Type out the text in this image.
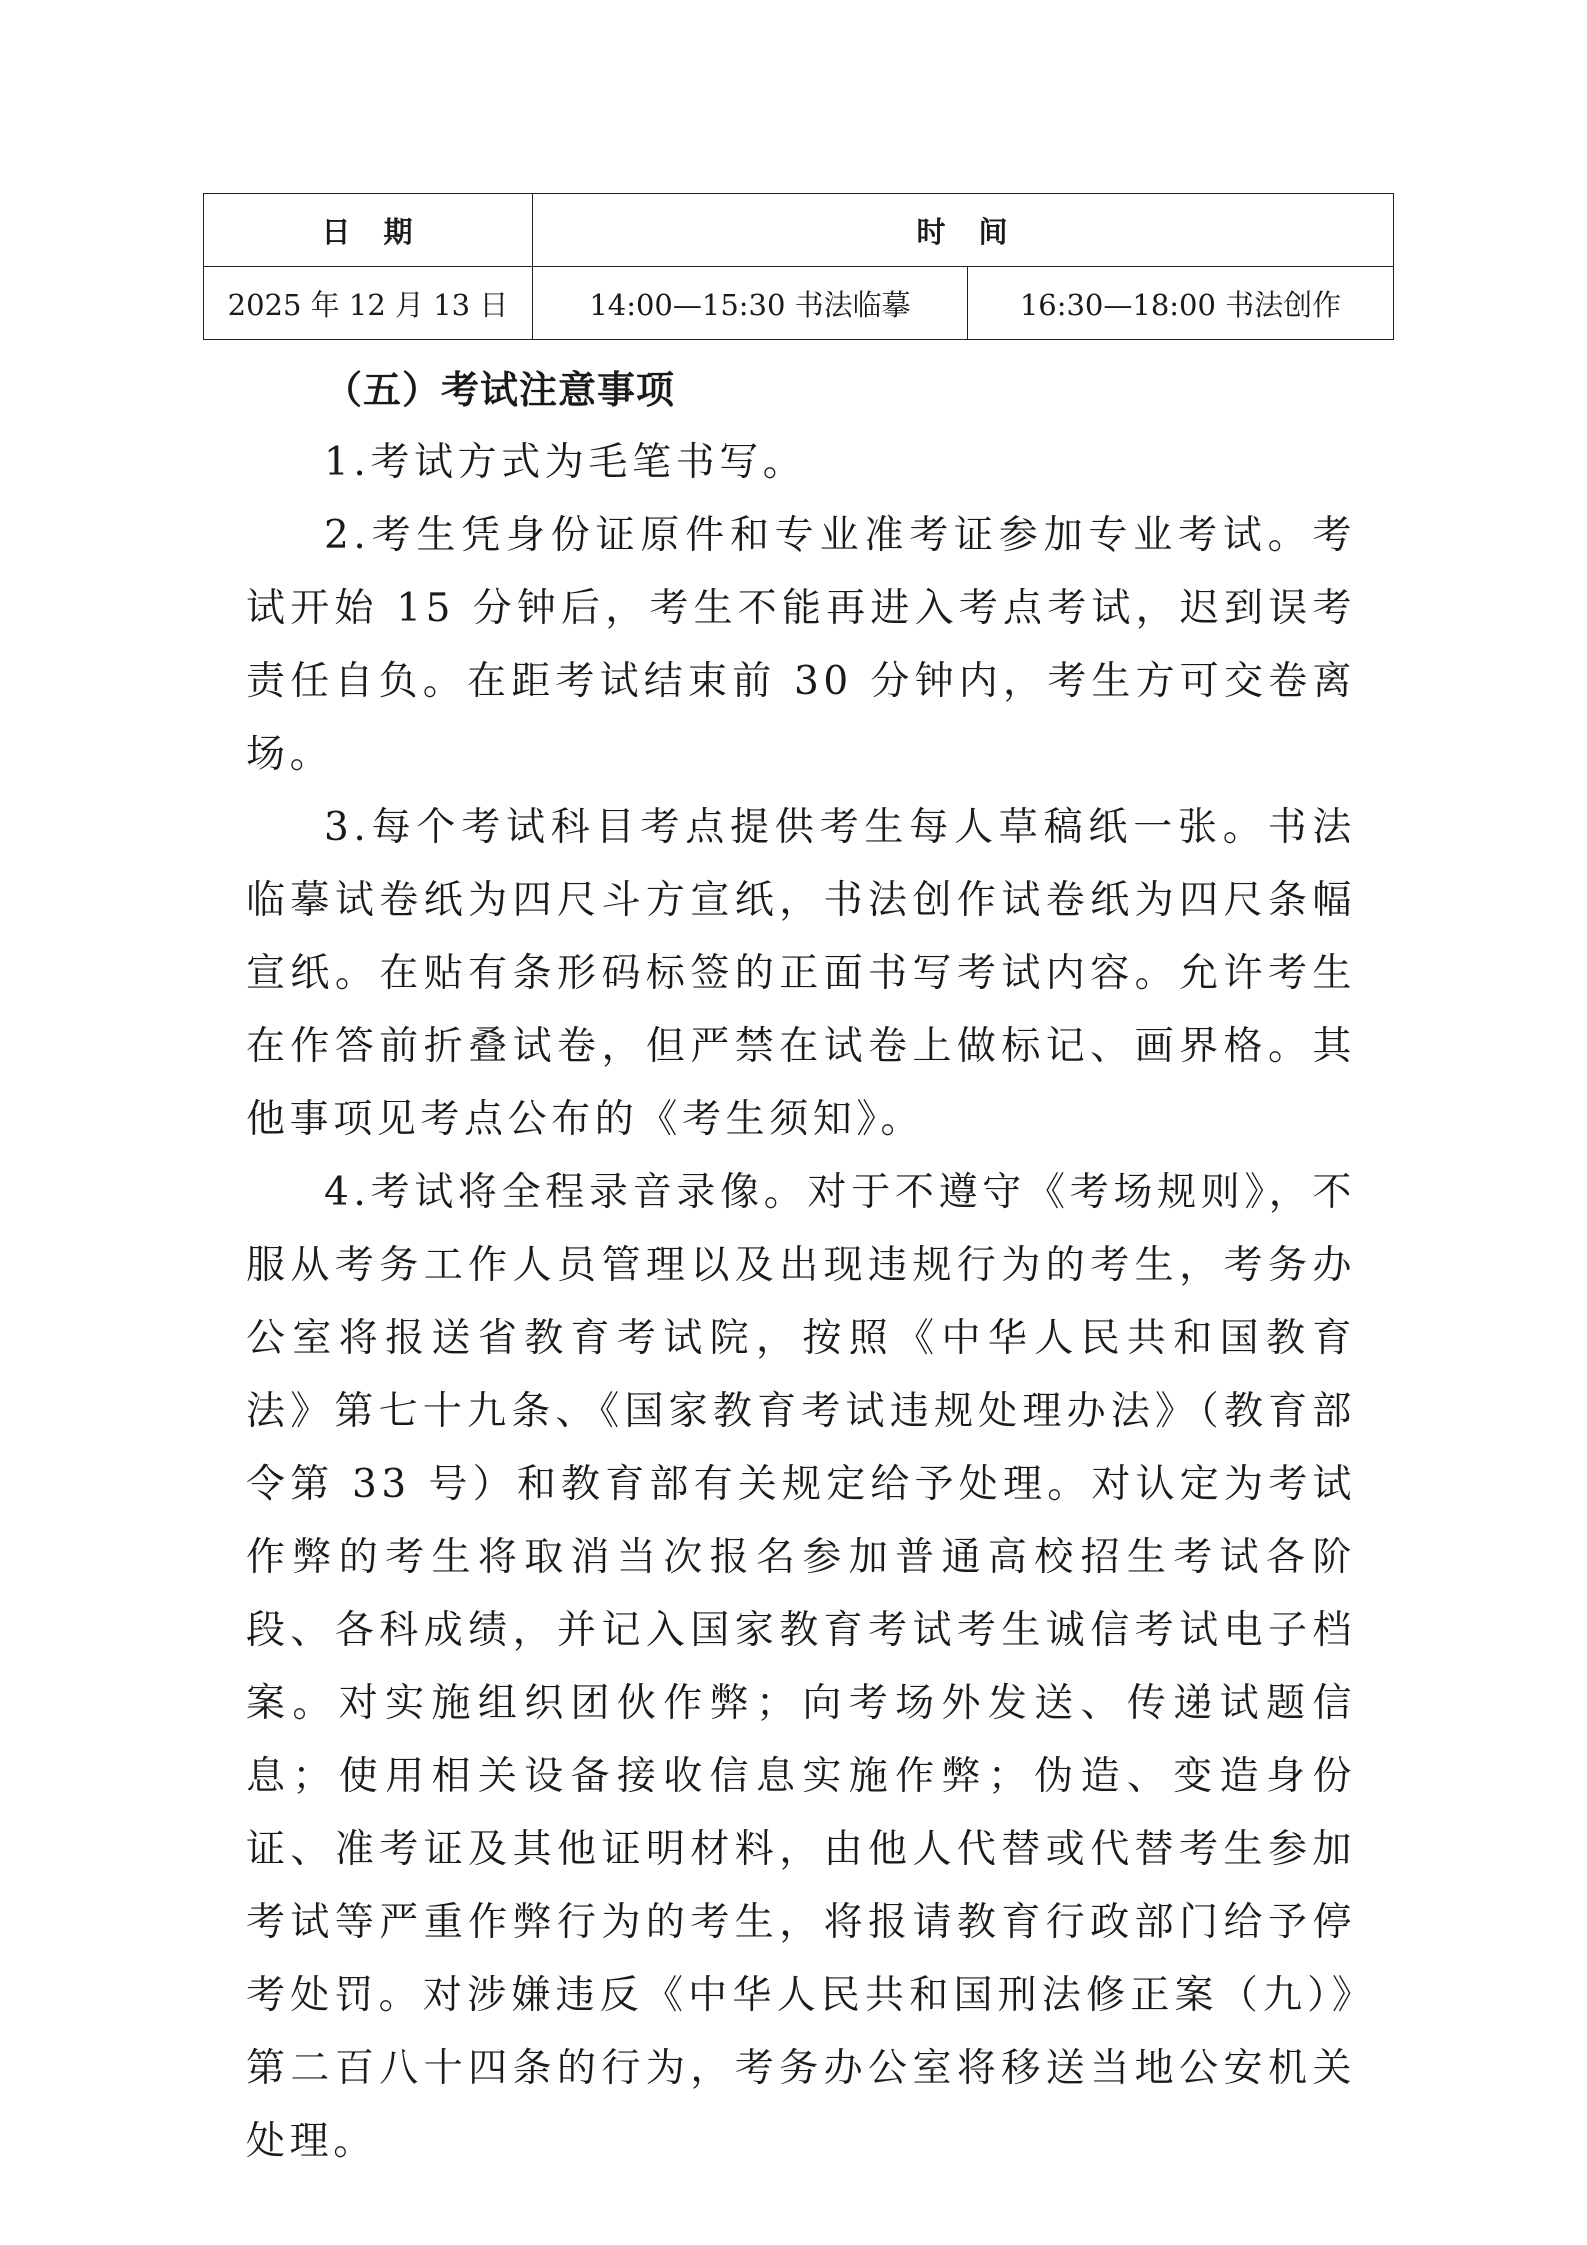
日　期	时　间	
2025 年 12 月 13 日	14:00—15:30 书法临摹	16:30—18:00 书法创作

（五）考试注意事项

1.考试方式为毛笔书写。

2.考生凭身份证原件和专业准考证参加专业考试。考试开始 15 分钟后，考生不能再进入考点考试，迟到误考责任自负。在距考试结束前 30 分钟内，考生方可交卷离场。

3.每个考试科目考点提供考生每人草稿纸一张。书法临摹试卷纸为四尺斗方宣纸，书法创作试卷纸为四尺条幅宣纸。在贴有条形码标签的正面书写考试内容。允许考生在作答前折叠试卷，但严禁在试卷上做标记、画界格。其他事项见考点公布的《考生须知》。

4.考试将全程录音录像。对于不遵守《考场规则》，不服从考务工作人员管理以及出现违规行为的考生，考务办公室将报送省教育考试院，按照《中华人民共和国教育法》第七十九条、《国家教育考试违规处理办法》（教育部令第 33 号）和教育部有关规定给予处理。对认定为考试作弊的考生将取消当次报名参加普通高校招生考试各阶段、各科成绩，并记入国家教育考试考生诚信考试电子档案。对实施组织团伙作弊；向考场外发送、传递试题信息；使用相关设备接收信息实施作弊；伪造、变造身份证、准考证及其他证明材料，由他人代替或代替考生参加考试等严重作弊行为的考生，将报请教育行政部门给予停考处罚。对涉嫌违反《中华人民共和国刑法修正案（九）》第二百八十四条的行为，考务办公室将移送当地公安机关处理。
